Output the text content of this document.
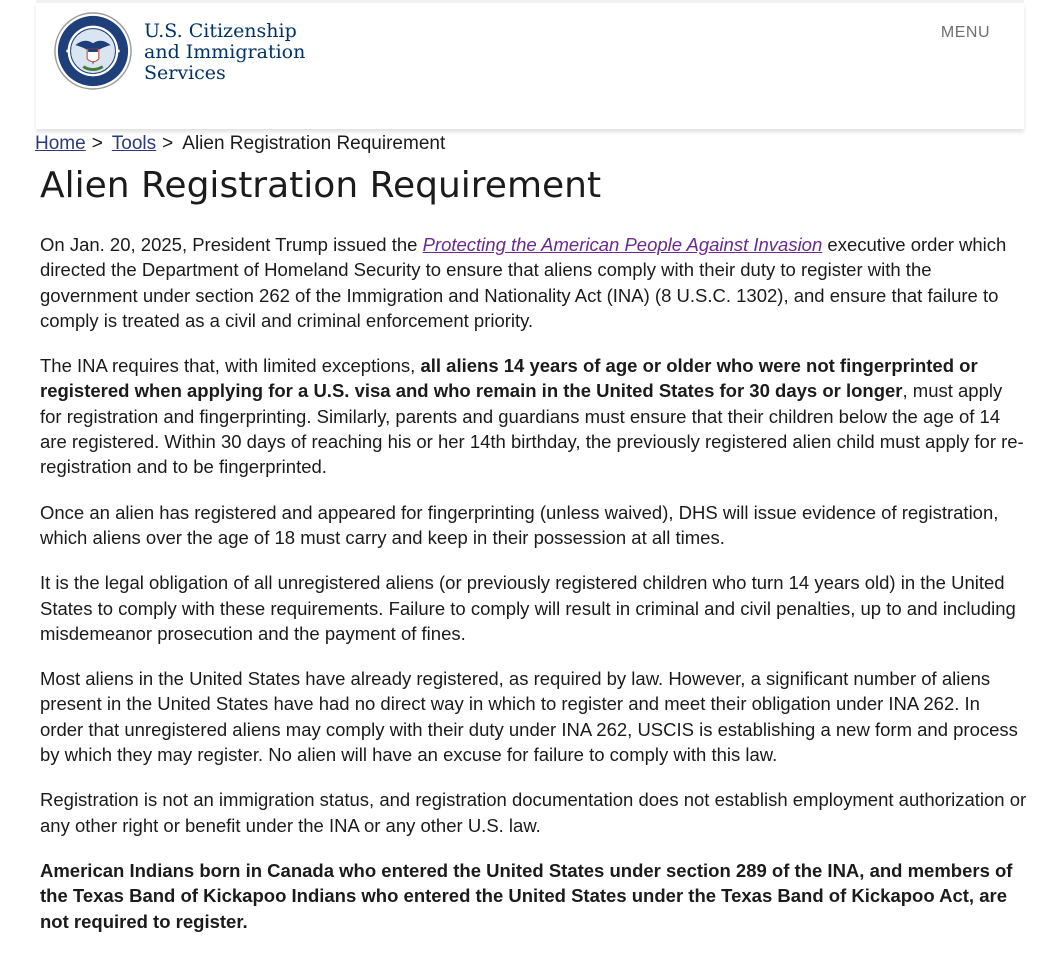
U.S. Citizenship
and Immigration
Services
MENU
Home > Tools > Alien Registration Requirement
Alien Registration Requirement

On Jan. 20, 2025, President Trump issued the Protecting the American People Against Invasion executive order which directed the Department of Homeland Security to ensure that aliens comply with their duty to register with the government under section 262 of the Immigration and Nationality Act (INA) (8 U.S.C. 1302), and ensure that failure to comply is treated as a civil and criminal enforcement priority.

The INA requires that, with limited exceptions, all aliens 14 years of age or older who were not fingerprinted or registered when applying for a U.S. visa and who remain in the United States for 30 days or longer, must apply for registration and fingerprinting. Similarly, parents and guardians must ensure that their children below the age of 14 are registered. Within 30 days of reaching his or her 14th birthday, the previously registered alien child must apply for re-registration and to be fingerprinted.

Once an alien has registered and appeared for fingerprinting (unless waived), DHS will issue evidence of registration, which aliens over the age of 18 must carry and keep in their possession at all times.

It is the legal obligation of all unregistered aliens (or previously registered children who turn 14 years old) in the United States to comply with these requirements. Failure to comply will result in criminal and civil penalties, up to and including misdemeanor prosecution and the payment of fines.

Most aliens in the United States have already registered, as required by law. However, a significant number of aliens present in the United States have had no direct way in which to register and meet their obligation under INA 262. In order that unregistered aliens may comply with their duty under INA 262, USCIS is establishing a new form and process by which they may register. No alien will have an excuse for failure to comply with this law.

Registration is not an immigration status, and registration documentation does not establish employment authorization or any other right or benefit under the INA or any other U.S. law.

American Indians born in Canada who entered the United States under section 289 of the INA, and members of the Texas Band of Kickapoo Indians who entered the United States under the Texas Band of Kickapoo Act, are not required to register.
